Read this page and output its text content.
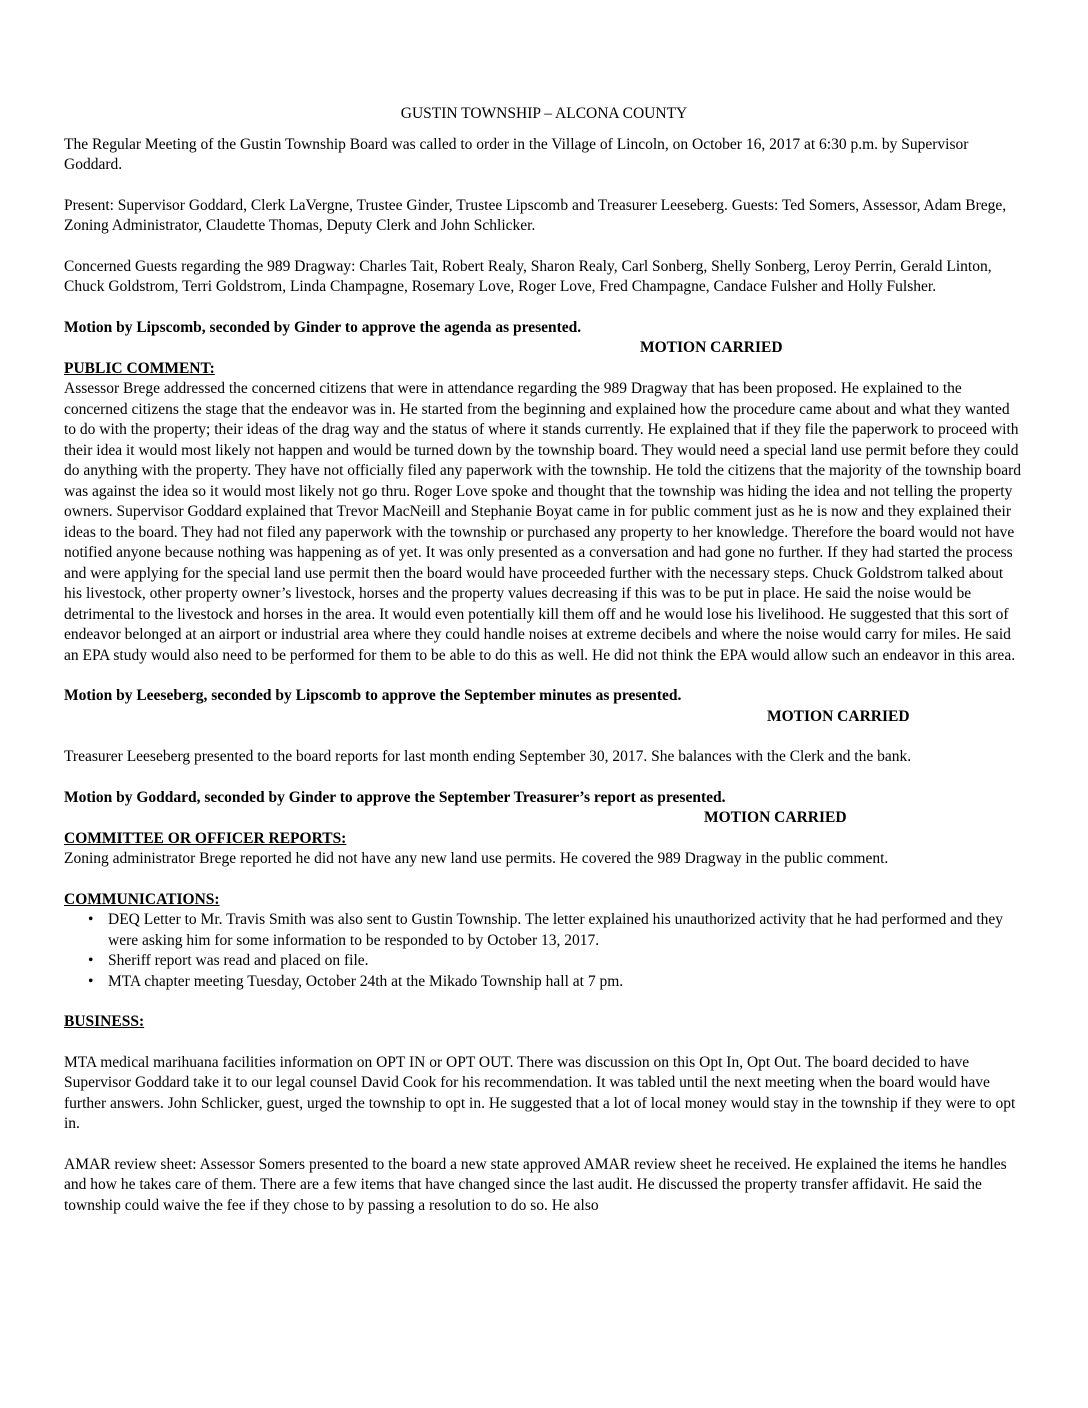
GUSTIN TOWNSHIP – ALCONA COUNTY

The Regular Meeting of the Gustin Township Board was called to order in the Village of Lincoln, on October 16, 2017 at 6:30 p.m. by Supervisor Goddard.

Present: Supervisor Goddard, Clerk LaVergne, Trustee Ginder, Trustee Lipscomb and Treasurer Leeseberg. Guests: Ted Somers, Assessor, Adam Brege, Zoning Administrator, Claudette Thomas, Deputy Clerk and John Schlicker.

Concerned Guests regarding the 989 Dragway: Charles Tait, Robert Realy, Sharon Realy, Carl Sonberg, Shelly Sonberg, Leroy Perrin, Gerald Linton, Chuck Goldstrom, Terri Goldstrom, Linda Champagne, Rosemary Love, Roger Love, Fred Champagne, Candace Fulsher and Holly Fulsher.

Motion by Lipscomb, seconded by Ginder to approve the agenda as presented.

MOTION CARRIED

PUBLIC COMMENT:

Assessor Brege addressed the concerned citizens that were in attendance regarding the 989 Dragway that has been proposed. He explained to the concerned citizens the stage that the endeavor was in. He started from the beginning and explained how the procedure came about and what they wanted to do with the property; their ideas of the drag way and the status of where it stands currently. He explained that if they file the paperwork to proceed with their idea it would most likely not happen and would be turned down by the township board. They would need a special land use permit before they could do anything with the property. They have not officially filed any paperwork with the township. He told the citizens that the majority of the township board was against the idea so it would most likely not go thru. Roger Love spoke and thought that the township was hiding the idea and not telling the property owners. Supervisor Goddard explained that Trevor MacNeill and Stephanie Boyat came in for public comment just as he is now and they explained their ideas to the board. They had not filed any paperwork with the township or purchased any property to her knowledge. Therefore the board would not have notified anyone because nothing was happening as of yet. It was only presented as a conversation and had gone no further. If they had started the process and were applying for the special land use permit then the board would have proceeded further with the necessary steps. Chuck Goldstrom talked about his livestock, other property owner’s livestock, horses and the property values decreasing if this was to be put in place. He said the noise would be detrimental to the livestock and horses in the area. It would even potentially kill them off and he would lose his livelihood. He suggested that this sort of endeavor belonged at an airport or industrial area where they could handle noises at extreme decibels and where the noise would carry for miles. He said an EPA study would also need to be performed for them to be able to do this as well. He did not think the EPA would allow such an endeavor in this area.

Motion by Leeseberg, seconded by Lipscomb to approve the September minutes as presented.

MOTION CARRIED

Treasurer Leeseberg presented to the board reports for last month ending September 30, 2017. She balances with the Clerk and the bank.

Motion by Goddard, seconded by Ginder to approve the September Treasurer’s report as presented.

MOTION CARRIED

COMMITTEE OR OFFICER REPORTS:

Zoning administrator Brege reported he did not have any new land use permits. He covered the 989 Dragway in the public comment.

COMMUNICATIONS:

• DEQ Letter to Mr. Travis Smith was also sent to Gustin Township. The letter explained his unauthorized activity that he had performed and they were asking him for some information to be responded to by October 13, 2017.
• Sheriff report was read and placed on file.
• MTA chapter meeting Tuesday, October 24th at the Mikado Township hall at 7 pm.

BUSINESS:

MTA medical marihuana facilities information on OPT IN or OPT OUT. There was discussion on this Opt In, Opt Out. The board decided to have Supervisor Goddard take it to our legal counsel David Cook for his recommendation. It was tabled until the next meeting when the board would have further answers. John Schlicker, guest, urged the township to opt in. He suggested that a lot of local money would stay in the township if they were to opt in.

AMAR review sheet: Assessor Somers presented to the board a new state approved AMAR review sheet he received. He explained the items he handles and how he takes care of them. There are a few items that have changed since the last audit. He discussed the property transfer affidavit. He said the township could waive the fee if they chose to by passing a resolution to do so. He also
